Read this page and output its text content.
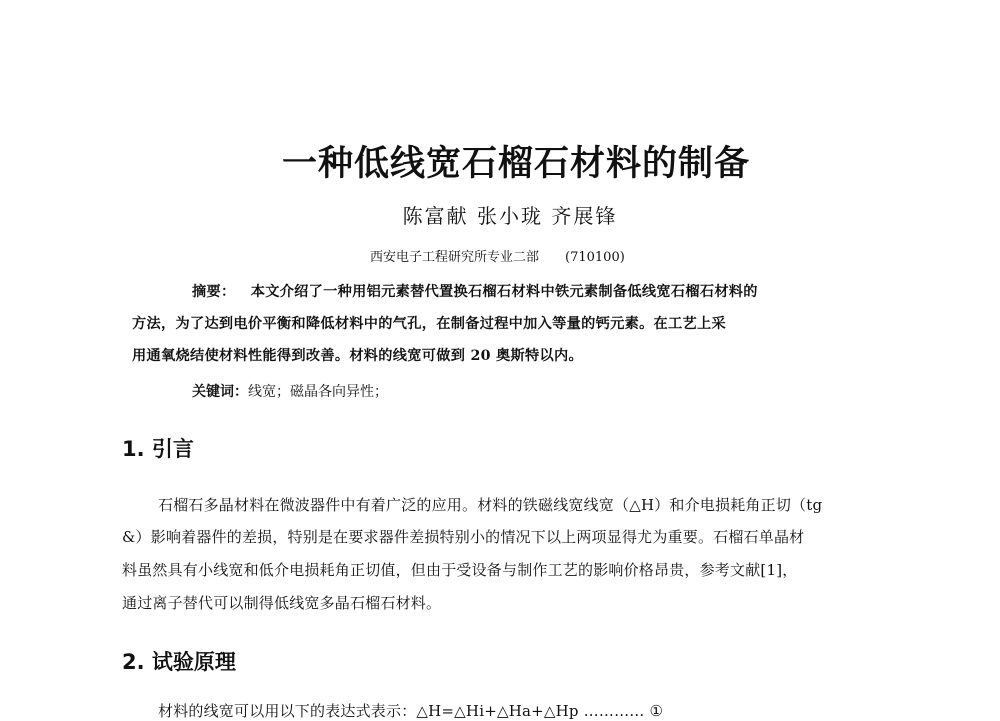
一种低线宽石榴石材料的制备
陈富献 张小珑 齐展锋
西安电子工程研究所专业二部 (710100)
摘要： 本文介绍了一种用铝元素替代置换石榴石材料中铁元素制备低线宽石榴石材料的
方法，为了达到电价平衡和降低材料中的气孔，在制备过程中加入等量的钙元素。在工艺上采
用通氧烧结使材料性能得到改善。材料的线宽可做到 20 奥斯特以内。
关键词：线宽；磁晶各向异性；
1. 引言
石榴石多晶材料在微波器件中有着广泛的应用。材料的铁磁线宽线宽（△H）和介电损耗角正切（tg
&）影响着器件的差损，特别是在要求器件差损特别小的情况下以上两项显得尤为重要。石榴石单晶材
料虽然具有小线宽和低介电损耗角正切值，但由于受设备与制作工艺的影响价格昂贵，参考文献[1]，
通过离子替代可以制得低线宽多晶石榴石材料。
2. 试验原理
材料的线宽可以用以下的表达式表示：△H=△Hi+△Ha+△Hp ………… ①
